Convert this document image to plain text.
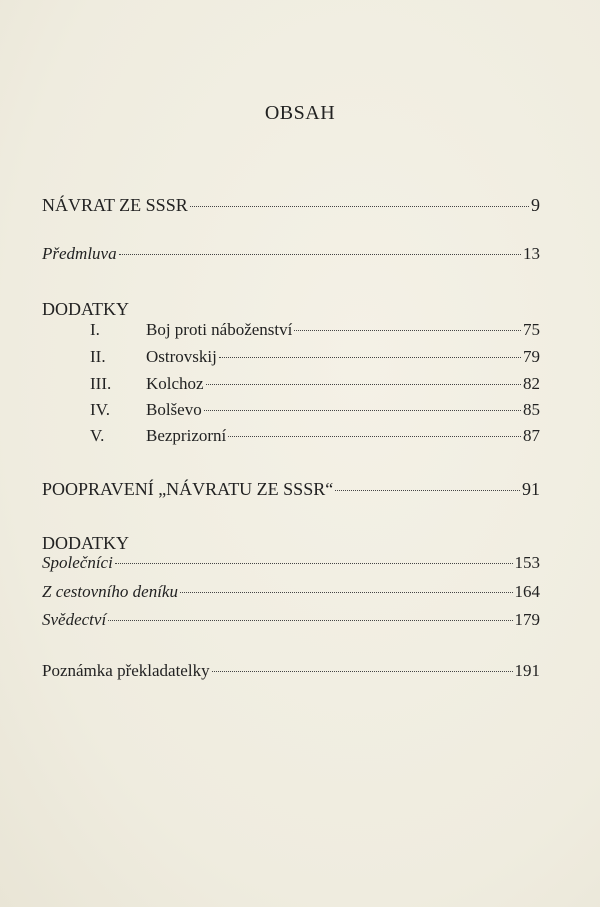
OBSAH
NÁVRAT ZE SSSR	9
Předmluva	13
DODATKY
I.	Boj proti náboženství	75
II.	Ostrovskij	79
III.	Kolchoz	82
IV.	Bolševo	85
V.	Bezprizorní	87
POOPRAVENÍ „NÁVRATU ZE SSSR“	91
DODATKY
Společníci	153
Z cestovního deníku	164
Svědectví	179
Poznámka překladatelky	191
